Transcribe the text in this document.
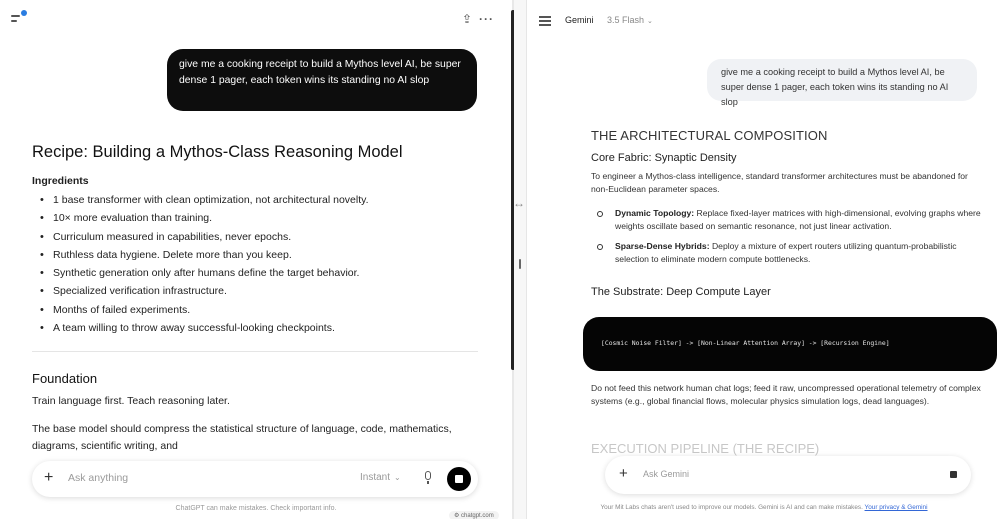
⇪ ···
give me a cooking receipt to build a Mythos level AI, be super dense 1 pager, each token wins its standing no AI slop
Recipe: Building a Mythos-Class Reasoning Model
Ingredients
• 1 base transformer with clean optimization, not architectural novelty.
• 10× more evaluation than training.
• Curriculum measured in capabilities, never epochs.
• Ruthless data hygiene. Delete more than you keep.
• Synthetic generation only after humans define the target behavior.
• Specialized verification infrastructure.
• Months of failed experiments.
• A team willing to throw away successful-looking checkpoints.
Foundation

Train language first. Teach reasoning later.

The base model should compress the statistical structure of language, code, mathematics, diagrams, scientific writing, and

+ Ask anything	Instant ⌄
ChatGPT can make mistakes. Check important info.
⚙ chatgpt.com
↔
Gemini 3.5 Flash ⌄
give me a cooking receipt to build a Mythos level AI, be super dense 1 pager, each token wins its standing no AI slop
THE ARCHITECTURAL COMPOSITION
Core Fabric: Synaptic Density
To engineer a Mythos-class intelligence, standard transformer architectures must be abandoned for non-Euclidean parameter spaces.
Dynamic Topology: Replace fixed-layer matrices with high-dimensional, evolving graphs where weights oscillate based on semantic resonance, not just linear activation.
Sparse-Dense Hybrids: Deploy a mixture of expert routers utilizing quantum-probabilistic selection to eliminate modern compute bottlenecks.
The Substrate: Deep Compute Layer
[Cosmic Noise Filter] -> [Non-Linear Attention Array] -> [Recursion Engine]
Do not feed this network human chat logs; feed it raw, uncompressed operational telemetry of complex systems (e.g., global financial flows, molecular physics simulation logs, dead languages).
EXECUTION PIPELINE (THE RECIPE)
+ Ask Gemini
Your Mit Labs chats aren't used to improve our models. Gemini is AI and can make mistakes. Your privacy & Gemini
